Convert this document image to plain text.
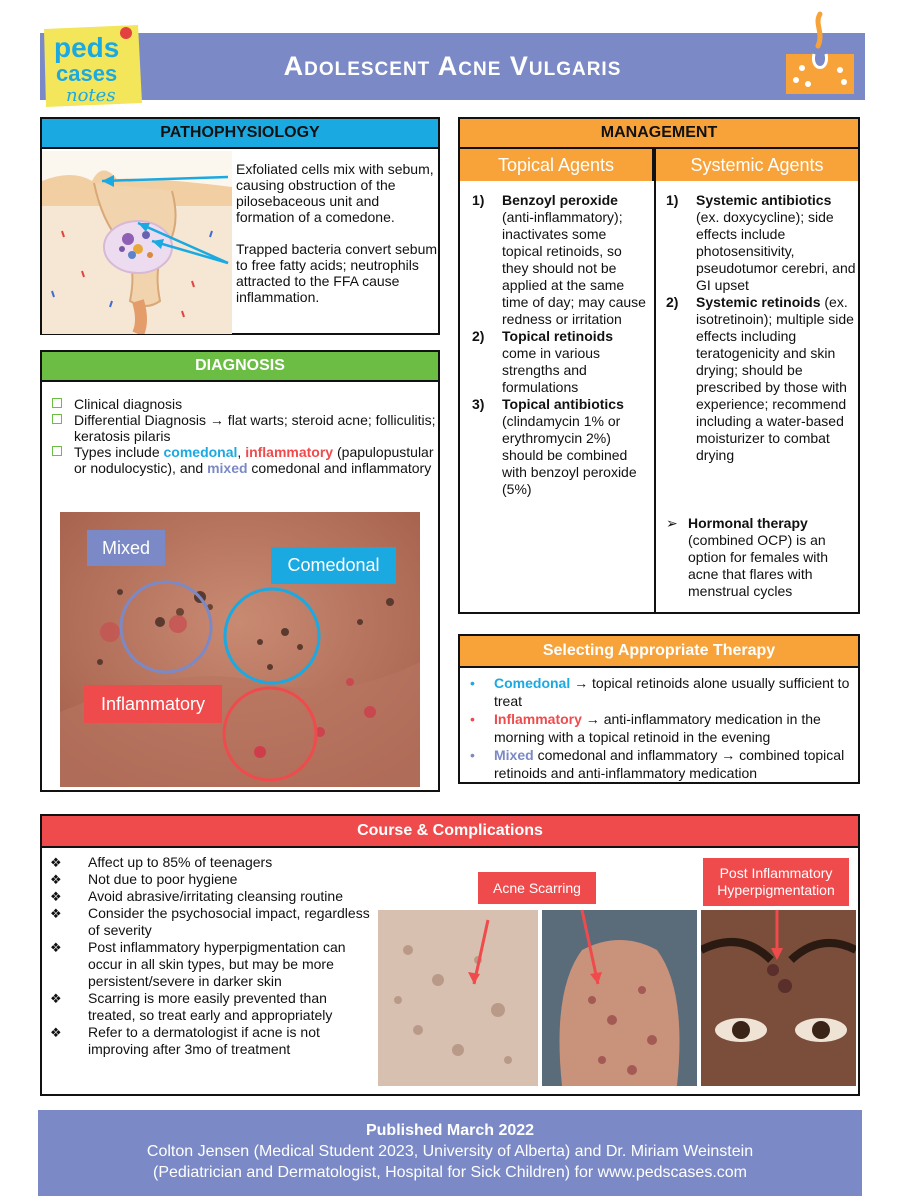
Adolescent Acne Vulgaris
peds
cases
notes
PATHOPHYSIOLOGY

Exfoliated cells mix with sebum, causing obstruction of the pilosebaceous unit and formation of a comedone.

Trapped bacteria convert sebum to free fatty acids; neutrophils attracted to the FFA cause inflammation.

DIAGNOSIS
Clinical diagnosis
Differential Diagnosis → flat warts; steroid acne; folliculitis; keratosis pilaris
Types include comedonal, inflammatory (papulopustular or nodulocystic), and mixed comedonal and inflammatory
Mixed
Comedonal
Inflammatory
MANAGEMENT
Topical Agents	Systemic Agents
1) Benzoyl peroxide (anti-inflammatory); inactivates some topical retinoids, so they should not be applied at the same time of day; may cause redness or irritation
2) Topical retinoids come in various strengths and formulations
3) Topical antibiotics (clindamycin 1% or erythromycin 2%) should be combined with benzoyl peroxide (5%)
1) Systemic antibiotics (ex. doxycycline); side effects include photosensitivity, pseudotumor cerebri, and GI upset
2) Systemic retinoids (ex. isotretinoin); multiple side effects including teratogenicity and skin drying; should be prescribed by those with experience; recommend including a water-based moisturizer to combat drying
➢ Hormonal therapy (combined OCP) is an option for females with acne that flares with menstrual cycles
Selecting Appropriate Therapy
• Comedonal → topical retinoids alone usually sufficient to treat
• Inflammatory → anti-inflammatory medication in the morning with a topical retinoid in the evening
• Mixed comedonal and inflammatory → combined topical retinoids and anti-inflammatory medication
Course & Complications
❖ Affect up to 85% of teenagers
❖ Not due to poor hygiene
❖ Avoid abrasive/irritating cleansing routine
❖ Consider the psychosocial impact, regardless of severity
❖ Post inflammatory hyperpigmentation can occur in all skin types, but may be more persistent/severe in darker skin
❖ Scarring is more easily prevented than treated, so treat early and appropriately
❖ Refer to a dermatologist if acne is not improving after 3mo of treatment
Acne Scarring
Post Inflammatory Hyperpigmentation
Published March 2022
Colton Jensen (Medical Student 2023, University of Alberta) and Dr. Miriam Weinstein
(Pediatrician and Dermatologist, Hospital for Sick Children) for www.pedscases.com
